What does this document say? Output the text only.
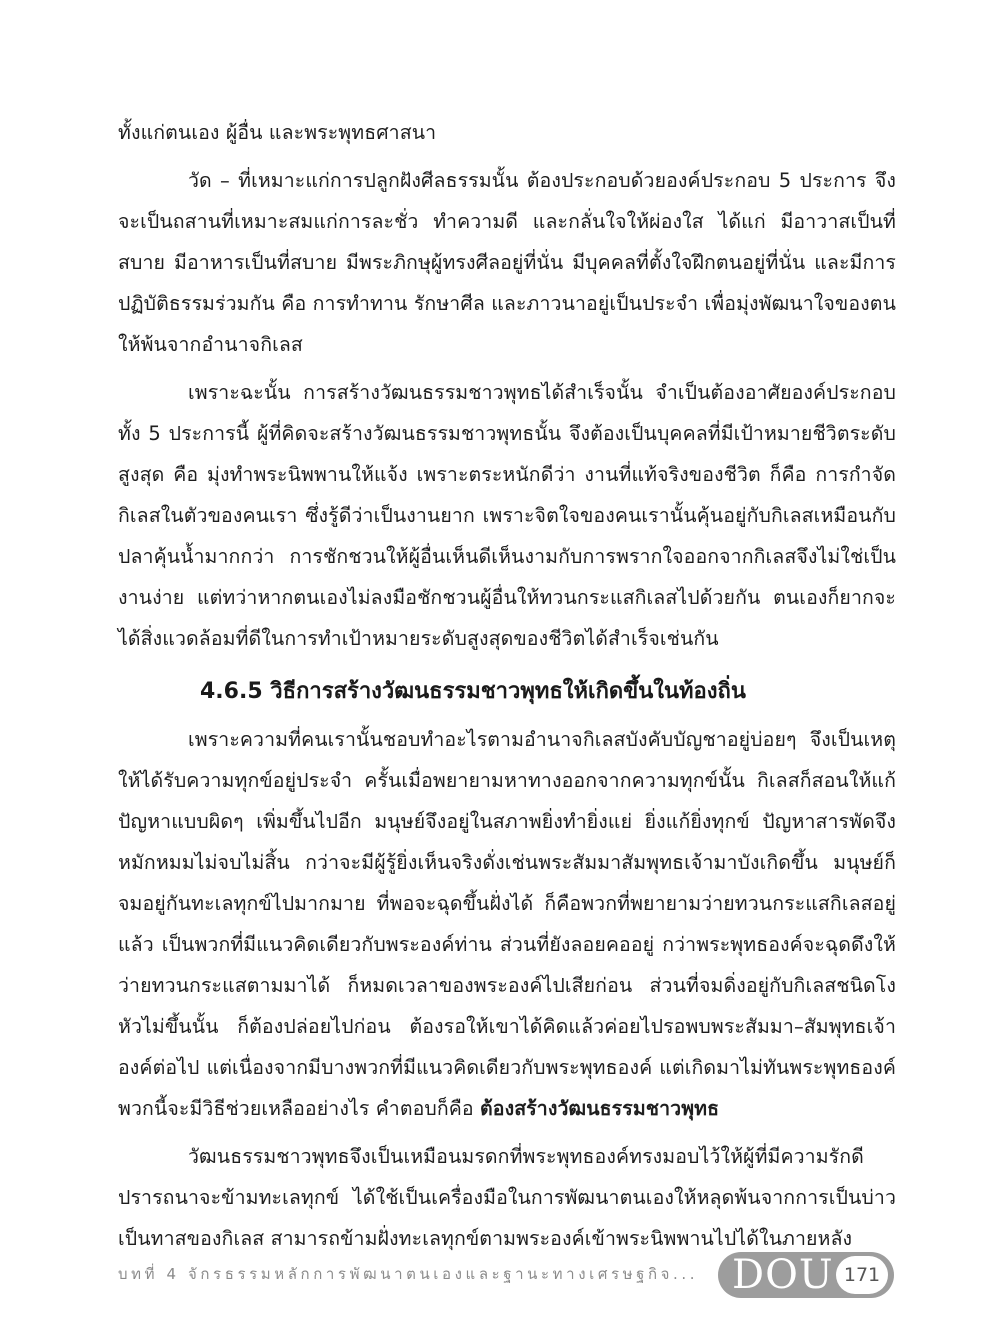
ทั้งแก่ตนเอง ผู้อื่น และพระพุทธศาสนา

วัด – ที่เหมาะแก่การปลูกฝังศีลธรรมนั้น ต้องประกอบด้วยองค์ประกอบ 5 ประการ จึงจะเป็นถสานที่เหมาะสมแก่การละชั่ว ทำความดี และกลั่นใจให้ผ่องใส ได้แก่ มีอาวาสเป็นที่สบาย มีอาหารเป็นที่สบาย มีพระภิกษุผู้ทรงศีลอยู่ที่นั่น มีบุคคลที่ตั้งใจฝึกตนอยู่ที่นั่น และมีการปฏิบัติธรรมร่วมกัน คือ การทำทาน รักษาศีล และภาวนาอยู่เป็นประจำ เพื่อมุ่งพัฒนาใจของตนให้พ้นจากอำนาจกิเลส

เพราะฉะนั้น การสร้างวัฒนธรรมชาวพุทธได้สำเร็จนั้น จำเป็นต้องอาศัยองค์ประกอบทั้ง 5 ประการนี้ ผู้ที่คิดจะสร้างวัฒนธรรมชาวพุทธนั้น จึงต้องเป็นบุคคลที่มีเป้าหมายชีวิตระดับสูงสุด คือ มุ่งทำพระนิพพานให้แจ้ง เพราะตระหนักดีว่า งานที่แท้จริงของชีวิต ก็คือ การกำจัดกิเลสในตัวของคนเรา ซึ่งรู้ดีว่าเป็นงานยาก เพราะจิตใจของคนเรานั้นคุ้นอยู่กับกิเลสเหมือนกับปลาคุ้นน้ำมากกว่า การชักชวนให้ผู้อื่นเห็นดีเห็นงามกับการพรากใจออกจากกิเลสจึงไม่ใช่เป็นงานง่าย แต่ทว่าหากตนเองไม่ลงมือชักชวนผู้อื่นให้ทวนกระแสกิเลสไปด้วยกัน ตนเองก็ยากจะได้สิ่งแวดล้อมที่ดีในการทำเป้าหมายระดับสูงสุดของชีวิตได้สำเร็จเช่นกัน

4.6.5 วิธีการสร้างวัฒนธรรมชาวพุทธให้เกิดขึ้นในท้องถิ่น

เพราะความที่คนเรานั้นชอบทำอะไรตามอำนาจกิเลสบังคับบัญชาอยู่บ่อยๆ จึงเป็นเหตุให้ได้รับความทุกข์อยู่ประจำ ครั้นเมื่อพยายามหาทางออกจากความทุกข์นั้น กิเลสก็สอนให้แก้ปัญหาแบบผิดๆ เพิ่มขึ้นไปอีก มนุษย์จึงอยู่ในสภาพยิ่งทำยิ่งแย่ ยิ่งแก้ยิ่งทุกข์ ปัญหาสารพัดจึงหมักหมมไม่จบไม่สิ้น กว่าจะมีผู้รู้ยิ่งเห็นจริงดั่งเช่นพระสัมมาสัมพุทธเจ้ามาบังเกิดขึ้น มนุษย์ก็จมอยู่กันทะเลทุกข์ไปมากมาย ที่พอจะฉุดขึ้นฝั่งได้ ก็คือพวกที่พยายามว่ายทวนกระแสกิเลสอยู่แล้ว เป็นพวกที่มีแนวคิดเดียวกับพระองค์ท่าน ส่วนที่ยังลอยคออยู่ กว่าพระพุทธองค์จะฉุดดึงให้ว่ายทวนกระแสตามมาได้ ก็หมดเวลาของพระองค์ไปเสียก่อน ส่วนที่จมดิ่งอยู่กับกิเลสชนิดโงหัวไม่ขึ้นนั้น ก็ต้องปล่อยไปก่อน ต้องรอให้เขาได้คิดแล้วค่อยไปรอพบพระสัมมา–สัมพุทธเจ้าองค์ต่อไป แต่เนื่องจากมีบางพวกที่มีแนวคิดเดียวกับพระพุทธองค์ แต่เกิดมาไม่ทันพระพุทธองค์ พวกนี้จะมีวิธีช่วยเหลืออย่างไร คำตอบก็คือ ต้องสร้างวัฒนธรรมชาวพุทธ

วัฒนธรรมชาวพุทธจึงเป็นเหมือนมรดกที่พระพุทธองค์ทรงมอบไว้ให้ผู้ที่มีความรักดีปรารถนาจะข้ามทะเลทุกข์ ได้ใช้เป็นเครื่องมือในการพัฒนาตนเองให้หลุดพ้นจากการเป็นบ่าวเป็นทาสของกิเลส สามารถข้ามฝั่งทะเลทุกข์ตามพระองค์เข้าพระนิพพานไปได้ในภายหลัง

บทที่ 4 จักรธรรมหลักการพัฒนาตนเองและฐานะทางเศรษฐกิจ... DOU 171
